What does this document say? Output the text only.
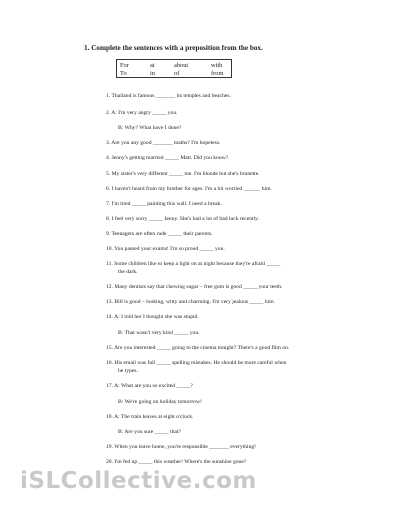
1. Complete the sentences with a preposition from the box.
For	at	about	with
To	in	of	from
1. Thailand is famous _______ its temples and beaches.
2. A: I'm very angry _____ you.
B: Why? What have I done?
3. Are you any good _______ maths? I'm hopeless.
4. Jenny's getting married _____ Matt. Did you know?
5. My sister's very different _____ me. I'm blonde but she's brunette.
6. I haven't heard from my brother for ages. I'm a bit worried ______ him.
7. I'm tired _____ painting this wall. I need a break.
8. I feel very sorry _____ Jenny. She's had a lot of bad luck recently.
9. Teenagers are often rude _____ their parents.
10. You passed your exams! I'm so proud _____ you.
11. Some children like to keep a light on at night because they're afraid _____
the dark.
12. Many dentists say that chewing sugar – free gum is good _____ your teeth.
13. Bill is good – looking, witty and charming. I'm very jealous _____ him.
14. A: I told her I thought she was stupid.
B: That wasn't very kind _____ you.
15. Are you interested _____ going to the cinema tonight? There's a good film on.
16. His email was full _____ spelling mistakes. He should be more careful when
he types.
17. A: What are you so excited _____?
B: We're going on holiday tomorrow!
18. A: The train leaves at eight o'clock.
B: Are you sure _____ that?
19. When you leave home, you're responsible _______ everything!
20. I'm fed up _____ this weather! Where's the sunshine gone?
iSLCollective.com
